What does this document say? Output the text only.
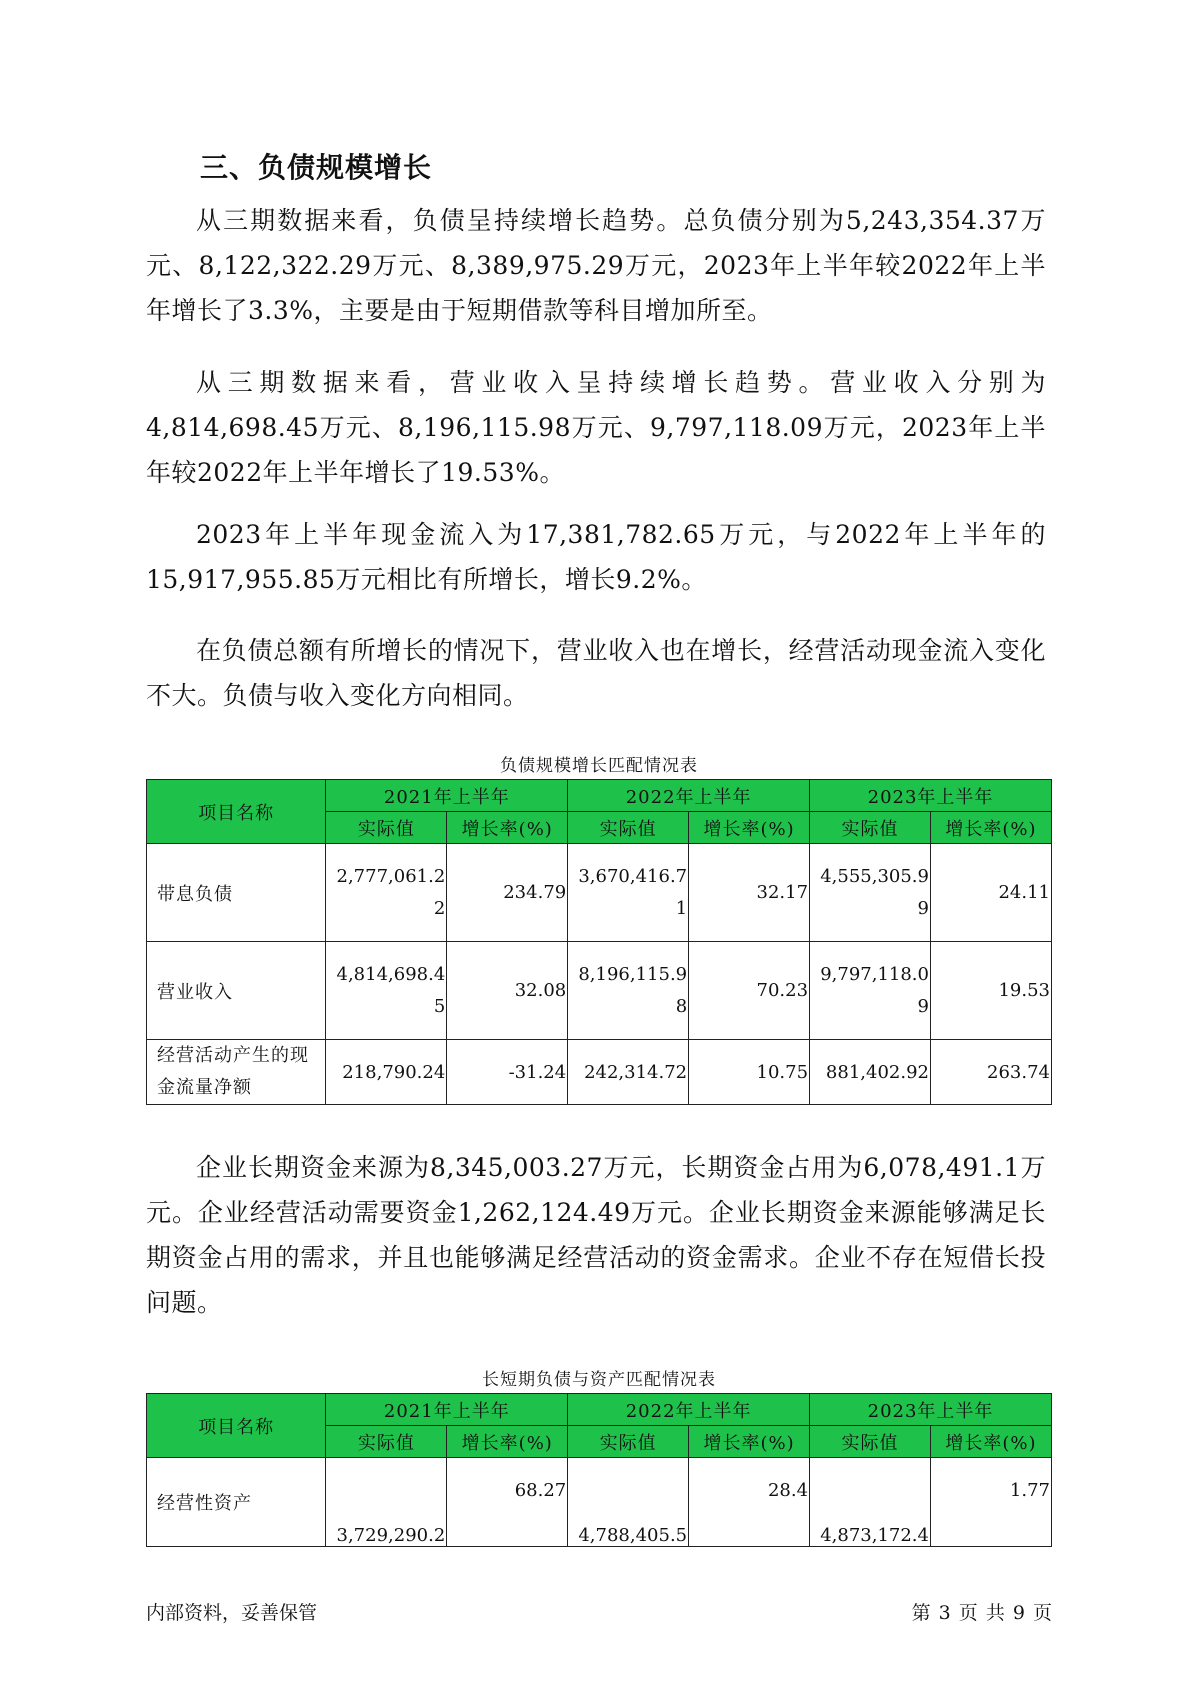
三、负债规模增长

从三期数据来看，负债呈持续增长趋势。总负债分别为5,243,354.37万元、8,122,322.29万元、8,389,975.29万元，2023年上半年较2022年上半年增长了3.3%，主要是由于短期借款等科目增加所至。

从三期数据来看，营业收入呈持续增长趋势。营业收入分别为4,814,698.45万元、8,196,115.98万元、9,797,118.09万元，2023年上半年较2022年上半年增长了19.53%。

2023年上半年现金流入为17,381,782.65万元，与2022年上半年的15,917,955.85万元相比有所增长，增长9.2%。

在负债总额有所增长的情况下，营业收入也在增长，经营活动现金流入变化不大。负债与收入变化方向相同。

负债规模增长匹配情况表
项目名称	2021年上半年		2022年上半年		2023年上半年	
	实际值	增长率(%)	实际值	增长率(%)	实际值	增长率(%)
带息负债	2,777,061.22	234.79	3,670,416.71	32.17	4,555,305.99	24.11
营业收入	4,814,698.45	32.08	8,196,115.98	70.23	9,797,118.09	19.53
经营活动产生的现金流量净额	218,790.24	-31.24	242,314.72	10.75	881,402.92	263.74

企业长期资金来源为8,345,003.27万元，长期资金占用为6,078,491.1万元。企业经营活动需要资金1,262,124.49万元。企业长期资金来源能够满足长期资金占用的需求，并且也能够满足经营活动的资金需求。企业不存在短借长投问题。

长短期负债与资产匹配情况表
项目名称	2021年上半年		2022年上半年		2023年上半年	
	实际值	增长率(%)	实际值	增长率(%)	实际值	增长率(%)
经营性资产	3,729,290.2	68.27	4,788,405.5	28.4	4,873,172.4	1.77
内部资料，妥善保管	第 3 页 共 9 页
